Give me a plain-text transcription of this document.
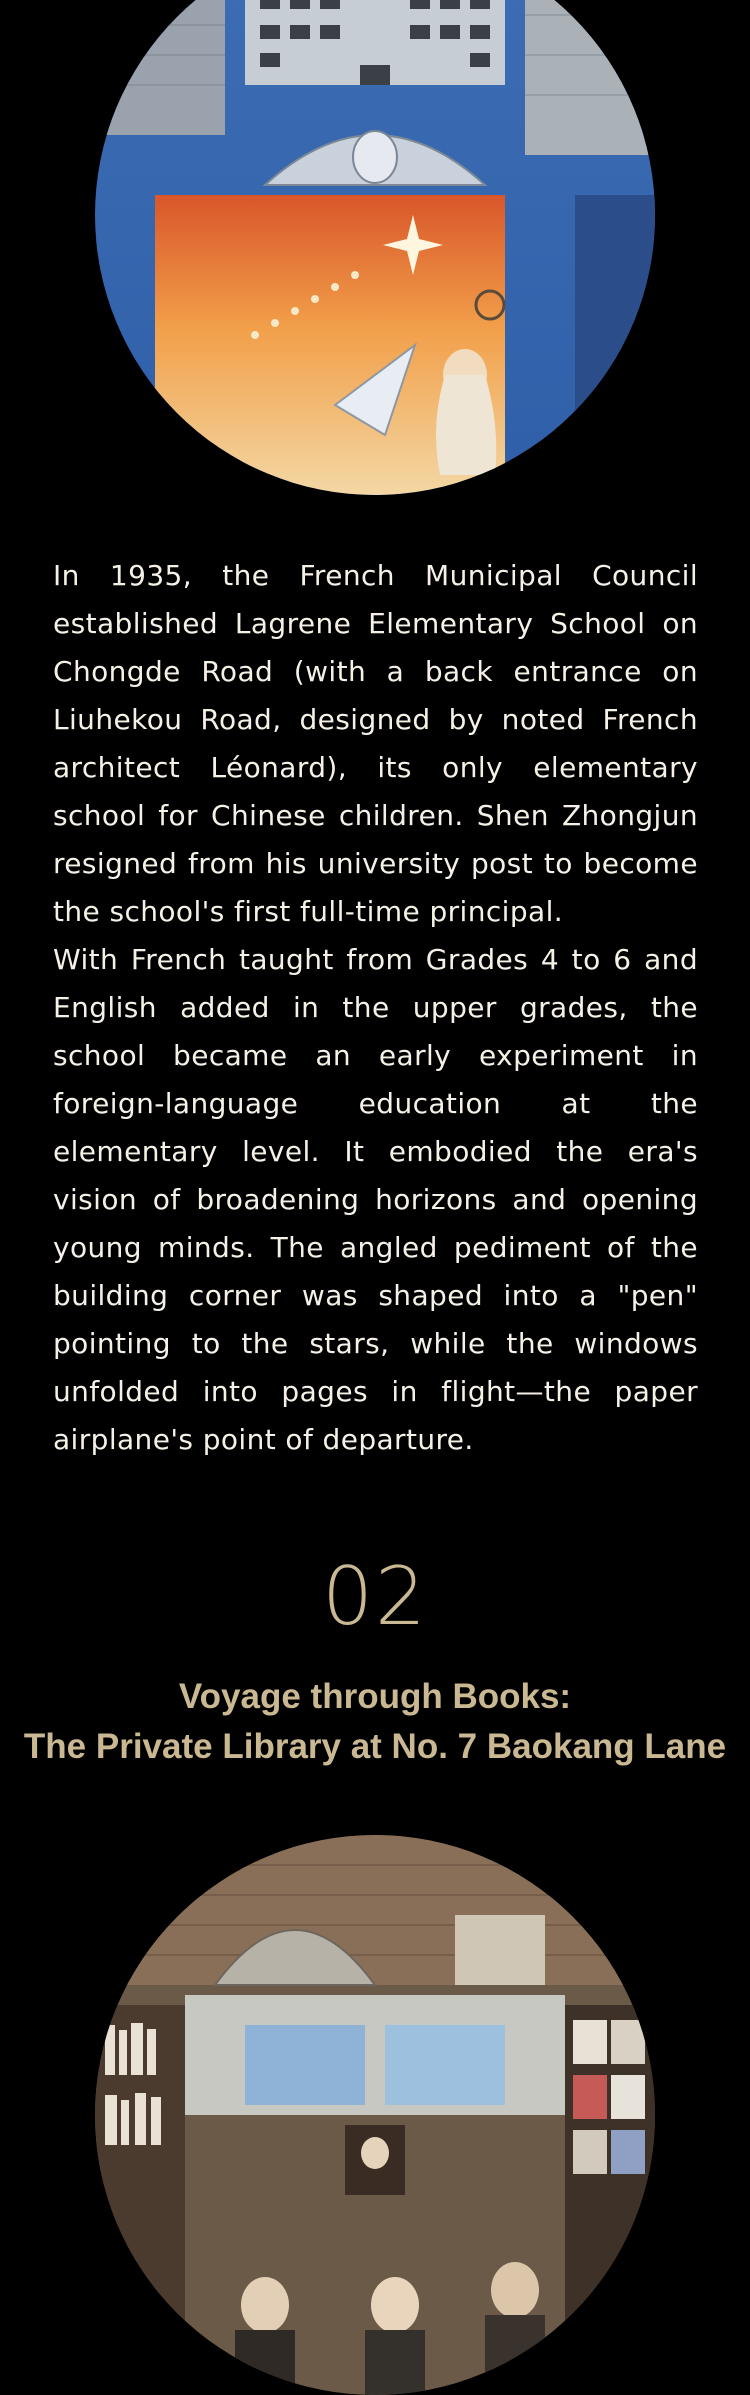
In 1935, the French Municipal Council established Lagrene Elementary School on Chongde Road (with a back entrance on Liuhekou Road, designed by noted French architect Léonard), its only elementary school for Chinese children. Shen Zhongjun resigned from his university post to become the school's first full-time principal.

With French taught from Grades 4 to 6 and English added in the upper grades, the school became an early experiment in foreign-language education at the elementary level. It embodied the era's vision of broadening horizons and opening young minds. The angled pediment of the building corner was shaped into a "pen" pointing to the stars, while the windows unfolded into pages in flight—the paper airplane's point of departure.

02
Voyage through Books:
The Private Library at No. 7 Baokang Lane
